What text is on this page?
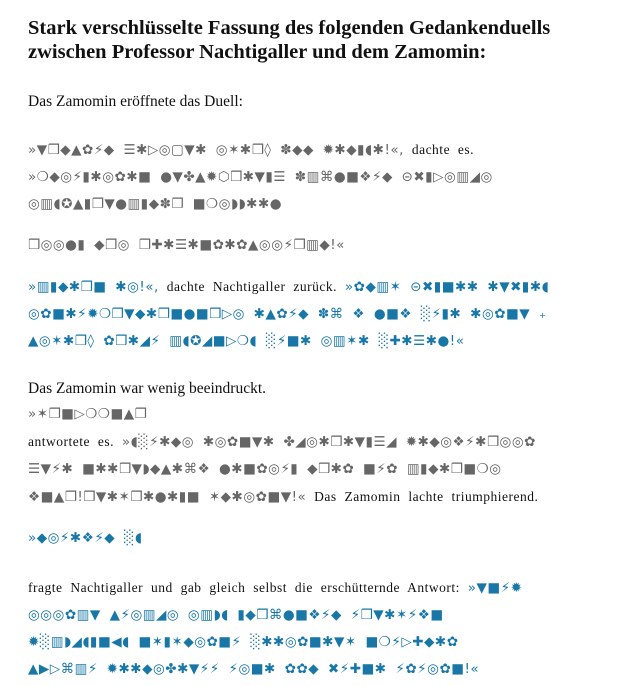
Stark verschlüsselte Fassung des folgenden Gedankenduells zwischen Professor Nachtigaller und dem Zamomin:

Das Zamomin eröffnete das Duell:

»▼❒◆▲✿⚡◆ ☰✱▷◎▢▼✱ ◎✶✱❒◊ ✽◆◆ ✹✱◆▮◖✱!«, dachte es.
»❍◆◎⚡▮✱◎✿✱■ ●▼✤▲✹⬡❒✱▼▮☰ ✽▥⌘●■❖⚡◆ ⊝✖▮▷◎▥◢◎
◎▥◖✪▲▮❒▼●▥▮◆✽❒ ■❍◎◗◗✱✱●
❒◎◎●▮ ◆❒◎ ❒✚✱☰✱■✿✱✿▲◎◎⚡❒▥◆!«
»▥▮◆✱❒■ ✱◎!«, dachte Nachtigaller zurück. »✿◆▥✶ ⊝✖▮■✱✱ ✱▼✖▮✱◖
◎✿■✱⚡✹❍❒▼◆✱❒■●■❒▷◎ ✱▲✿⚡◆ ✽⌘ ❖ ●■❖ ░⚡▮✱ ✱◎✿■▼ ₊
▲◎✶✱❒◊ ✿❒✱◢⚡ ▥◖✪◢■▷❍◖ ░⚡■✱ ◎▥✶✱ ░✚✱☰✱●!«

Das Zamomin war wenig beeindruckt.

»✶❒■▷❍❍■▲❒
antwortete es. »◖░⚡✱◆◎ ✱◎✿■▼✱ ✤◢◎✱❒✱▼▮☰◢ ✹✱◆◎❖⚡✱❒◎◎✿
☰▼⚡✱ ■✱✱❒▼◗◆▲✱⌘❖ ●✱■✿◎⚡▮ ◆❒✱✿ ■⚡✿ ▥▮◆✱❒■❍◎
❖■▲❒!❒▼✱✶❒✱●✱▮■ ✶◆✱◎✿■▼!« Das Zamomin lachte triumphierend.
»◆◎⚡✱❖⚡◆ ░◖
fragte Nachtigaller und gab gleich selbst die erschütternde Antwort: »▼■⚡✹
◎◎◎✿▥▼ ▲⚡◎▥◢◎ ◎▥◗◖ ▮◆❒⌘●■❖⚡◆ ⚡❒▼✱✶⚡❖■
✹░▥◗◢◖▮■◀◖ ■✶▮✶◆◎✿■⚡ ░✱✱◎✿■✱▼✶ ■❍⚡▷✚◆✱✿
▲▶▷⌘▥⚡ ✹✱✱◆◎✤✱▼⚡⚡ ⚡◎■✱ ✿✿◆ ✖⚡✚■✱ ⚡✿⚡◎✿■!«
